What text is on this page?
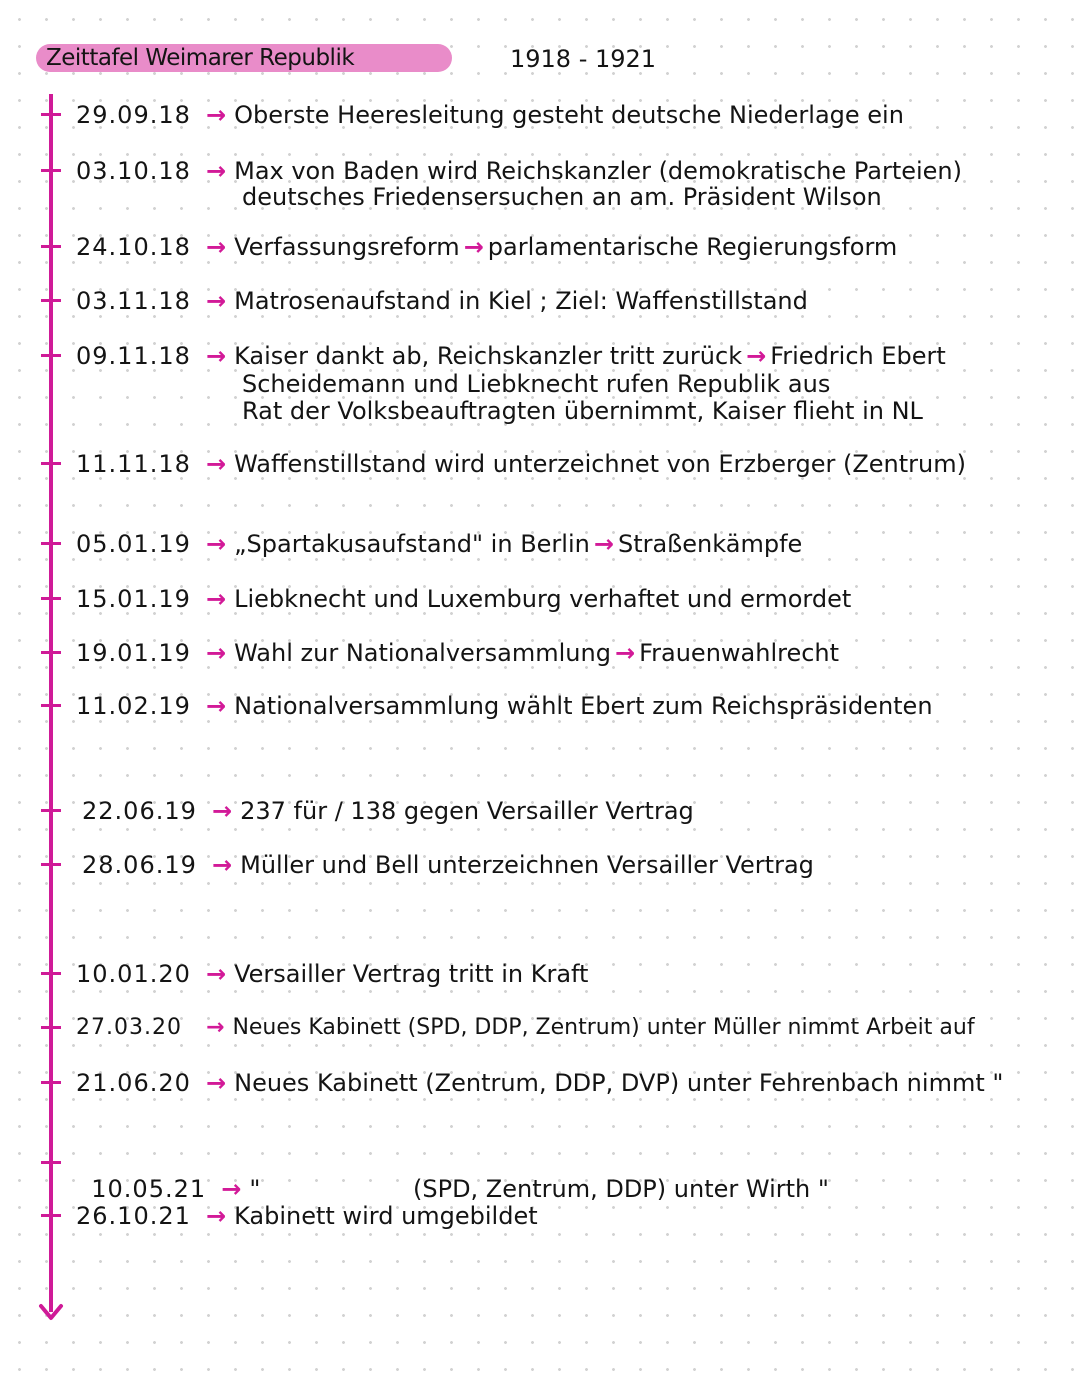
Zeittafel Weimarer Republik	1918 - 1921
29.09.18 → Oberste Heeresleitung gesteht deutsche Niederlage ein
03.10.18 → Max von Baden wird Reichskanzler (demokratische Parteien)
deutsches Friedensersuchen an am. Präsident Wilson
24.10.18 → Verfassungsreform → parlamentarische Regierungsform
03.11.18 → Matrosenaufstand in Kiel ; Ziel: Waffenstillstand
09.11.18 → Kaiser dankt ab, Reichskanzler tritt zurück → Friedrich Ebert
Scheidemann und Liebknecht rufen Republik aus
Rat der Volksbeauftragten übernimmt, Kaiser flieht in NL
11.11.18 → Waffenstillstand wird unterzeichnet von Erzberger (Zentrum)
05.01.19 → „Spartakusaufstand" in Berlin → Straßenkämpfe
15.01.19 → Liebknecht und Luxemburg verhaftet und ermordet
19.01.19 → Wahl zur Nationalversammlung → Frauenwahlrecht
11.02.19 → Nationalversammlung wählt Ebert zum Reichspräsidenten
22.06.19 → 237 für / 138 gegen Versailler Vertrag
28.06.19 → Müller und Bell unterzeichnen Versailler Vertrag
10.01.20 → Versailler Vertrag tritt in Kraft
27.03.20 → Neues Kabinett (SPD, DDP, Zentrum) unter Müller nimmt Arbeit auf
21.06.20 → Neues Kabinett (Zentrum, DDP, DVP) unter Fehrenbach nimmt "

10.05.21 → "                    (SPD, Zentrum, DDP) unter Wirth "

26.10.21 → Kabinett wird umgebildet
